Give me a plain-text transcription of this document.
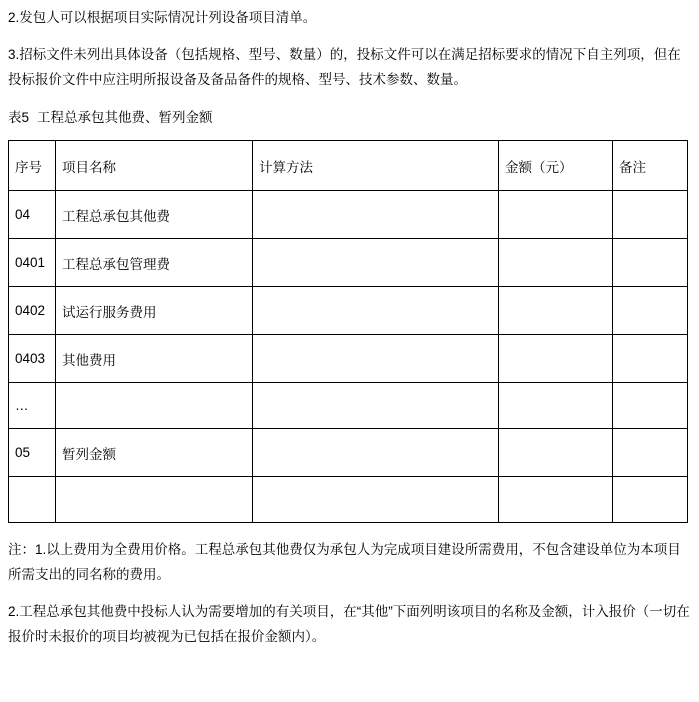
2.发包人可以根据项目实际情况计列设备项目清单。

3.招标文件未列出具体设备（包括规格、型号、数量）的，投标文件可以在满足招标要求的情况下自主列项，但在投标报价文件中应注明所报设备及备品备件的规格、型号、技术参数、数量。

表5 工程总承包其他费、暂列金额
序号	项目名称	计算方法	金额（元）	备注
04	工程总承包其他费			
0401	工程总承包管理费			
0402	试运行服务费用			
0403	其他费用			
…				
05	暂列金额			

注：1.以上费用为全费用价格。工程总承包其他费仅为承包人为完成项目建设所需费用，不包含建设单位为本项目所需支出的同名称的费用。

2.工程总承包其他费中投标人认为需要增加的有关项目，在“其他”下面列明该项目的名称及金额，计入报价（一切在报价时未报价的项目均被视为已包括在报价金额内）。
